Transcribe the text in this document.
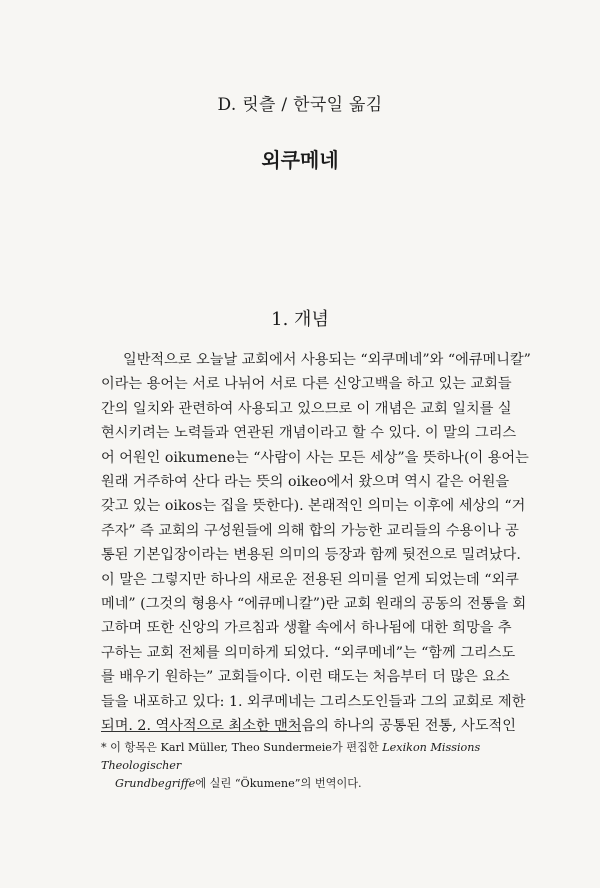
D. 릿츨 / 한국일 옮김
외쿠메네
1. 개념
일반적으로 오늘날 교회에서 사용되는 “외쿠메네”와 “에큐메니칼”
이라는 용어는 서로 나뉘어 서로 다른 신앙고백을 하고 있는 교회들
간의 일치와 관련하여 사용되고 있으므로 이 개념은 교회 일치를 실
현시키려는 노력들과 연관된 개념이라고 할 수 있다. 이 말의 그리스
어 어원인 oikumene는 “사람이 사는 모든 세상”을 뜻하나(이 용어는
원래 거주하여 산다 라는 뜻의 oikeo에서 왔으며 역시 같은 어원을
갖고 있는 oikos는 집을 뜻한다). 본래적인 의미는 이후에 세상의 “거
주자” 즉 교회의 구성원들에 의해 합의 가능한 교리들의 수용이나 공
통된 기본입장이라는 변용된 의미의 등장과 함께 뒷전으로 밀려났다.
이 말은 그렇지만 하나의 새로운 전용된 의미를 얻게 되었는데 “외쿠
메네” (그것의 형용사 “에큐메니칼”)란 교회 원래의 공동의 전통을 회
고하며 또한 신앙의 가르침과 생활 속에서 하나됨에 대한 희망을 추
구하는 교회 전체를 의미하게 되었다. “외쿠메네”는 “함께 그리스도
를 배우기 원하는” 교회들이다. 이런 태도는 처음부터 더 많은 요소
들을 내포하고 있다: 1. 외쿠메네는 그리스도인들과 그의 교회로 제한
되며. 2. 역사적으로 최소한 맨처음의 하나의 공통된 전통, 사도적인
* 이 항목은 Karl Müller, Theo Sundermeie가 편집한 Lexikon Missions Theologischer
Grundbegriffe에 실린 “Ökumene”의 번역이다.
